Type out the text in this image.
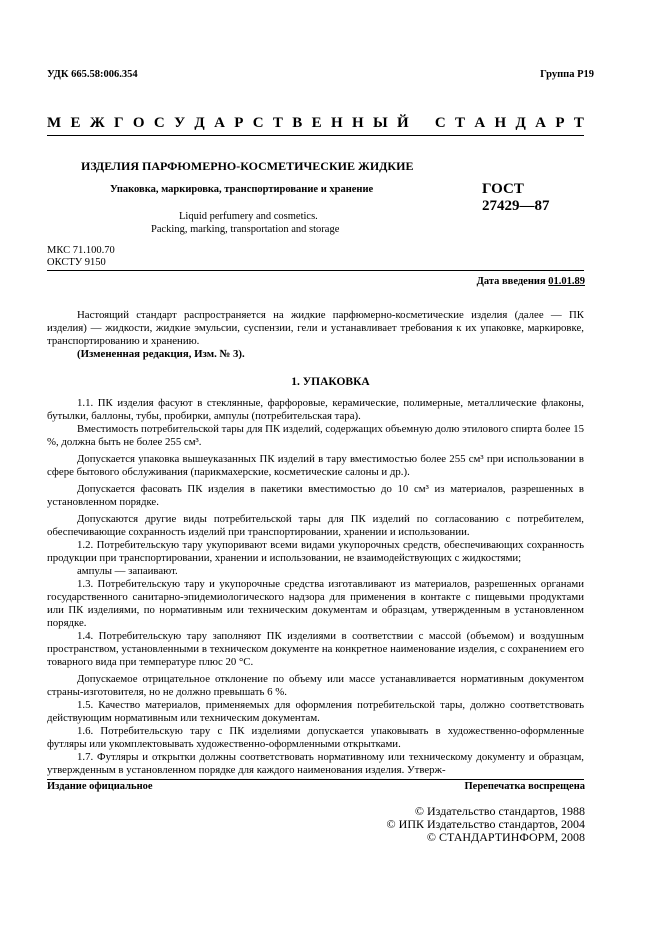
УДК 665.58:006.354	Группа Р19
М Е Ж Г О С У Д А Р С Т В Е Н Н Ы Й
С Т А Н Д А Р Т
ИЗДЕЛИЯ ПАРФЮМЕРНО-КОСМЕТИЧЕСКИЕ ЖИДКИЕ
Упаковка, маркировка, транспортирование и хранение	ГОСТ
27429—87
Liquid perfumery and cosmetics.
Packing, marking, transportation and storage
МКС 71.100.70
ОКСТУ 9150
Дата введения 01.01.89

Настоящий стандарт распространяется на жидкие парфюмерно-косметические изделия (далее — ПК изделия) — жидкости, жидкие эмульсии, суспензии, гели и устанавливает требования к их упаковке, маркировке, транспортированию и хранению.

(Измененная редакция, Изм. № 3).

1. УПАКОВКА

1.1. ПК изделия фасуют в стеклянные, фарфоровые, керамические, полимерные, металлические флаконы, бутылки, баллоны, тубы, пробирки, ампулы (потребительская тара).

Вместимость потребительской тары для ПК изделий, содержащих объемную долю этилового спирта более 15 %, должна быть не более 255 см³.

Допускается упаковка вышеуказанных ПК изделий в тару вместимостью более 255 см³ при использовании в сфере бытового обслуживания (парикмахерские, косметические салоны и др.).

Допускается фасовать ПК изделия в пакетики вместимостью до 10 см³ из материалов, разрешенных в установленном порядке.

Допускаются другие виды потребительской тары для ПК изделий по согласованию с потребителем, обеспечивающие сохранность изделий при транспортировании, хранении и использовании.

1.2. Потребительскую тару укупоривают всеми видами укупорочных средств, обеспечивающих сохранность продукции при транспортировании, хранении и использовании, не взаимодействующих с жидкостями;

ампулы — запаивают.

1.3. Потребительскую тару и укупорочные средства изготавливают из материалов, разрешенных органами государственного санитарно-эпидемиологического надзора для применения в контакте с пищевыми продуктами или ПК изделиями, по нормативным или техническим документам и образцам, утвержденным в установленном порядке.

1.4. Потребительскую тару заполняют ПК изделиями в соответствии с массой (объемом) и воздушным пространством, установленными в техническом документе на конкретное наименование изделия, с сохранением его товарного вида при температуре плюс 20 °С.

Допускаемое отрицательное отклонение по объему или массе устанавливается нормативным документом страны-изготовителя, но не должно превышать 6 %.

1.5. Качество материалов, применяемых для оформления потребительской тары, должно соответствовать действующим нормативным или техническим документам.

1.6. Потребительскую тару с ПК изделиями допускается упаковывать в художественно-оформленные футляры или укомплектовывать художественно-оформленными открытками.

1.7. Футляры и открытки должны соответствовать нормативному или техническому документу и образцам, утвержденным в установленном порядке для каждого наименования изделия. Утверж-

Издание официальное	Перепечатка воспрещена
© Издательство стандартов, 1988
© ИПК Издательство стандартов, 2004
© СТАНДАРТИНФОРМ, 2008
